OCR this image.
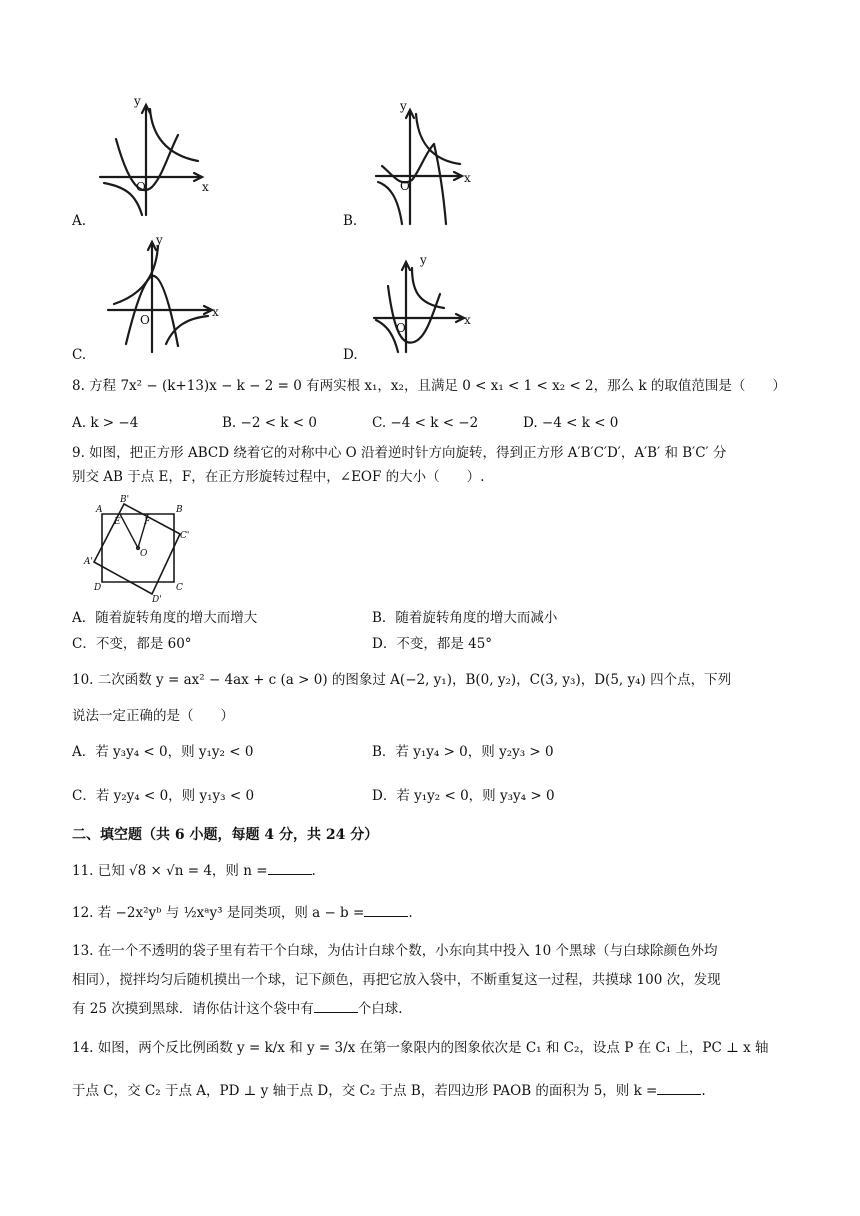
y
x
O
A.
y
x
O
B.
y
x
O
C.
y
x
O
D.
8. 方程 7x² − (k+13)x − k − 2 = 0 有两实根 x₁，x₂，且满足 0 < x₁ < 1 < x₂ < 2，那么 k 的取值范围是（　　）
A. k > −4	B. −2 < k < 0	C. −4 < k < −2	D. −4 < k < 0
9. 如图，把正方形 ABCD 绕着它的对称中心 O 沿着逆时针方向旋转，得到正方形 A′B′C′D′，A′B′ 和 B′C′ 分
别交 AB 于点 E，F，在正方形旋转过程中，∠EOF 的大小（　　）.
A	B
C
D
B'
C'
D'
A'
E	F
O
A．随着旋转角度的增大而增大	B．随着旋转角度的增大而减小
C．不变，都是 60°	D．不变，都是 45°
10. 二次函数 y = ax² − 4ax + c (a > 0) 的图象过 A(−2, y₁)，B(0, y₂)，C(3, y₃)，D(5, y₄) 四个点，下列
说法一定正确的是（　　）
A．若 y₃y₄ < 0，则 y₁y₂ < 0	B．若 y₁y₄ > 0，则 y₂y₃ > 0
C．若 y₂y₄ < 0，则 y₁y₃ < 0	D．若 y₁y₂ < 0，则 y₃y₄ > 0
二、填空题（共 6 小题，每题 4 分，共 24 分）
11. 已知 √8 × √n = 4，则 n =	.
12. 若 −2x²yᵇ 与 ½xᵃy³ 是同类项，则 a − b =	.
13. 在一个不透明的袋子里有若干个白球，为估计白球个数，小东向其中投入 10 个黑球（与白球除颜色外均
相同），搅拌均匀后随机摸出一个球，记下颜色，再把它放入袋中，不断重复这一过程，共摸球 100 次，发现
有 25 次摸到黑球．请你估计这个袋中有	个白球.
14. 如图，两个反比例函数 y = k/x 和 y = 3/x 在第一象限内的图象依次是 C₁ 和 C₂，设点 P 在 C₁ 上，PC ⊥ x 轴
于点 C，交 C₂ 于点 A，PD ⊥ y 轴于点 D，交 C₂ 于点 B，若四边形 PAOB 的面积为 5，则 k =	.
